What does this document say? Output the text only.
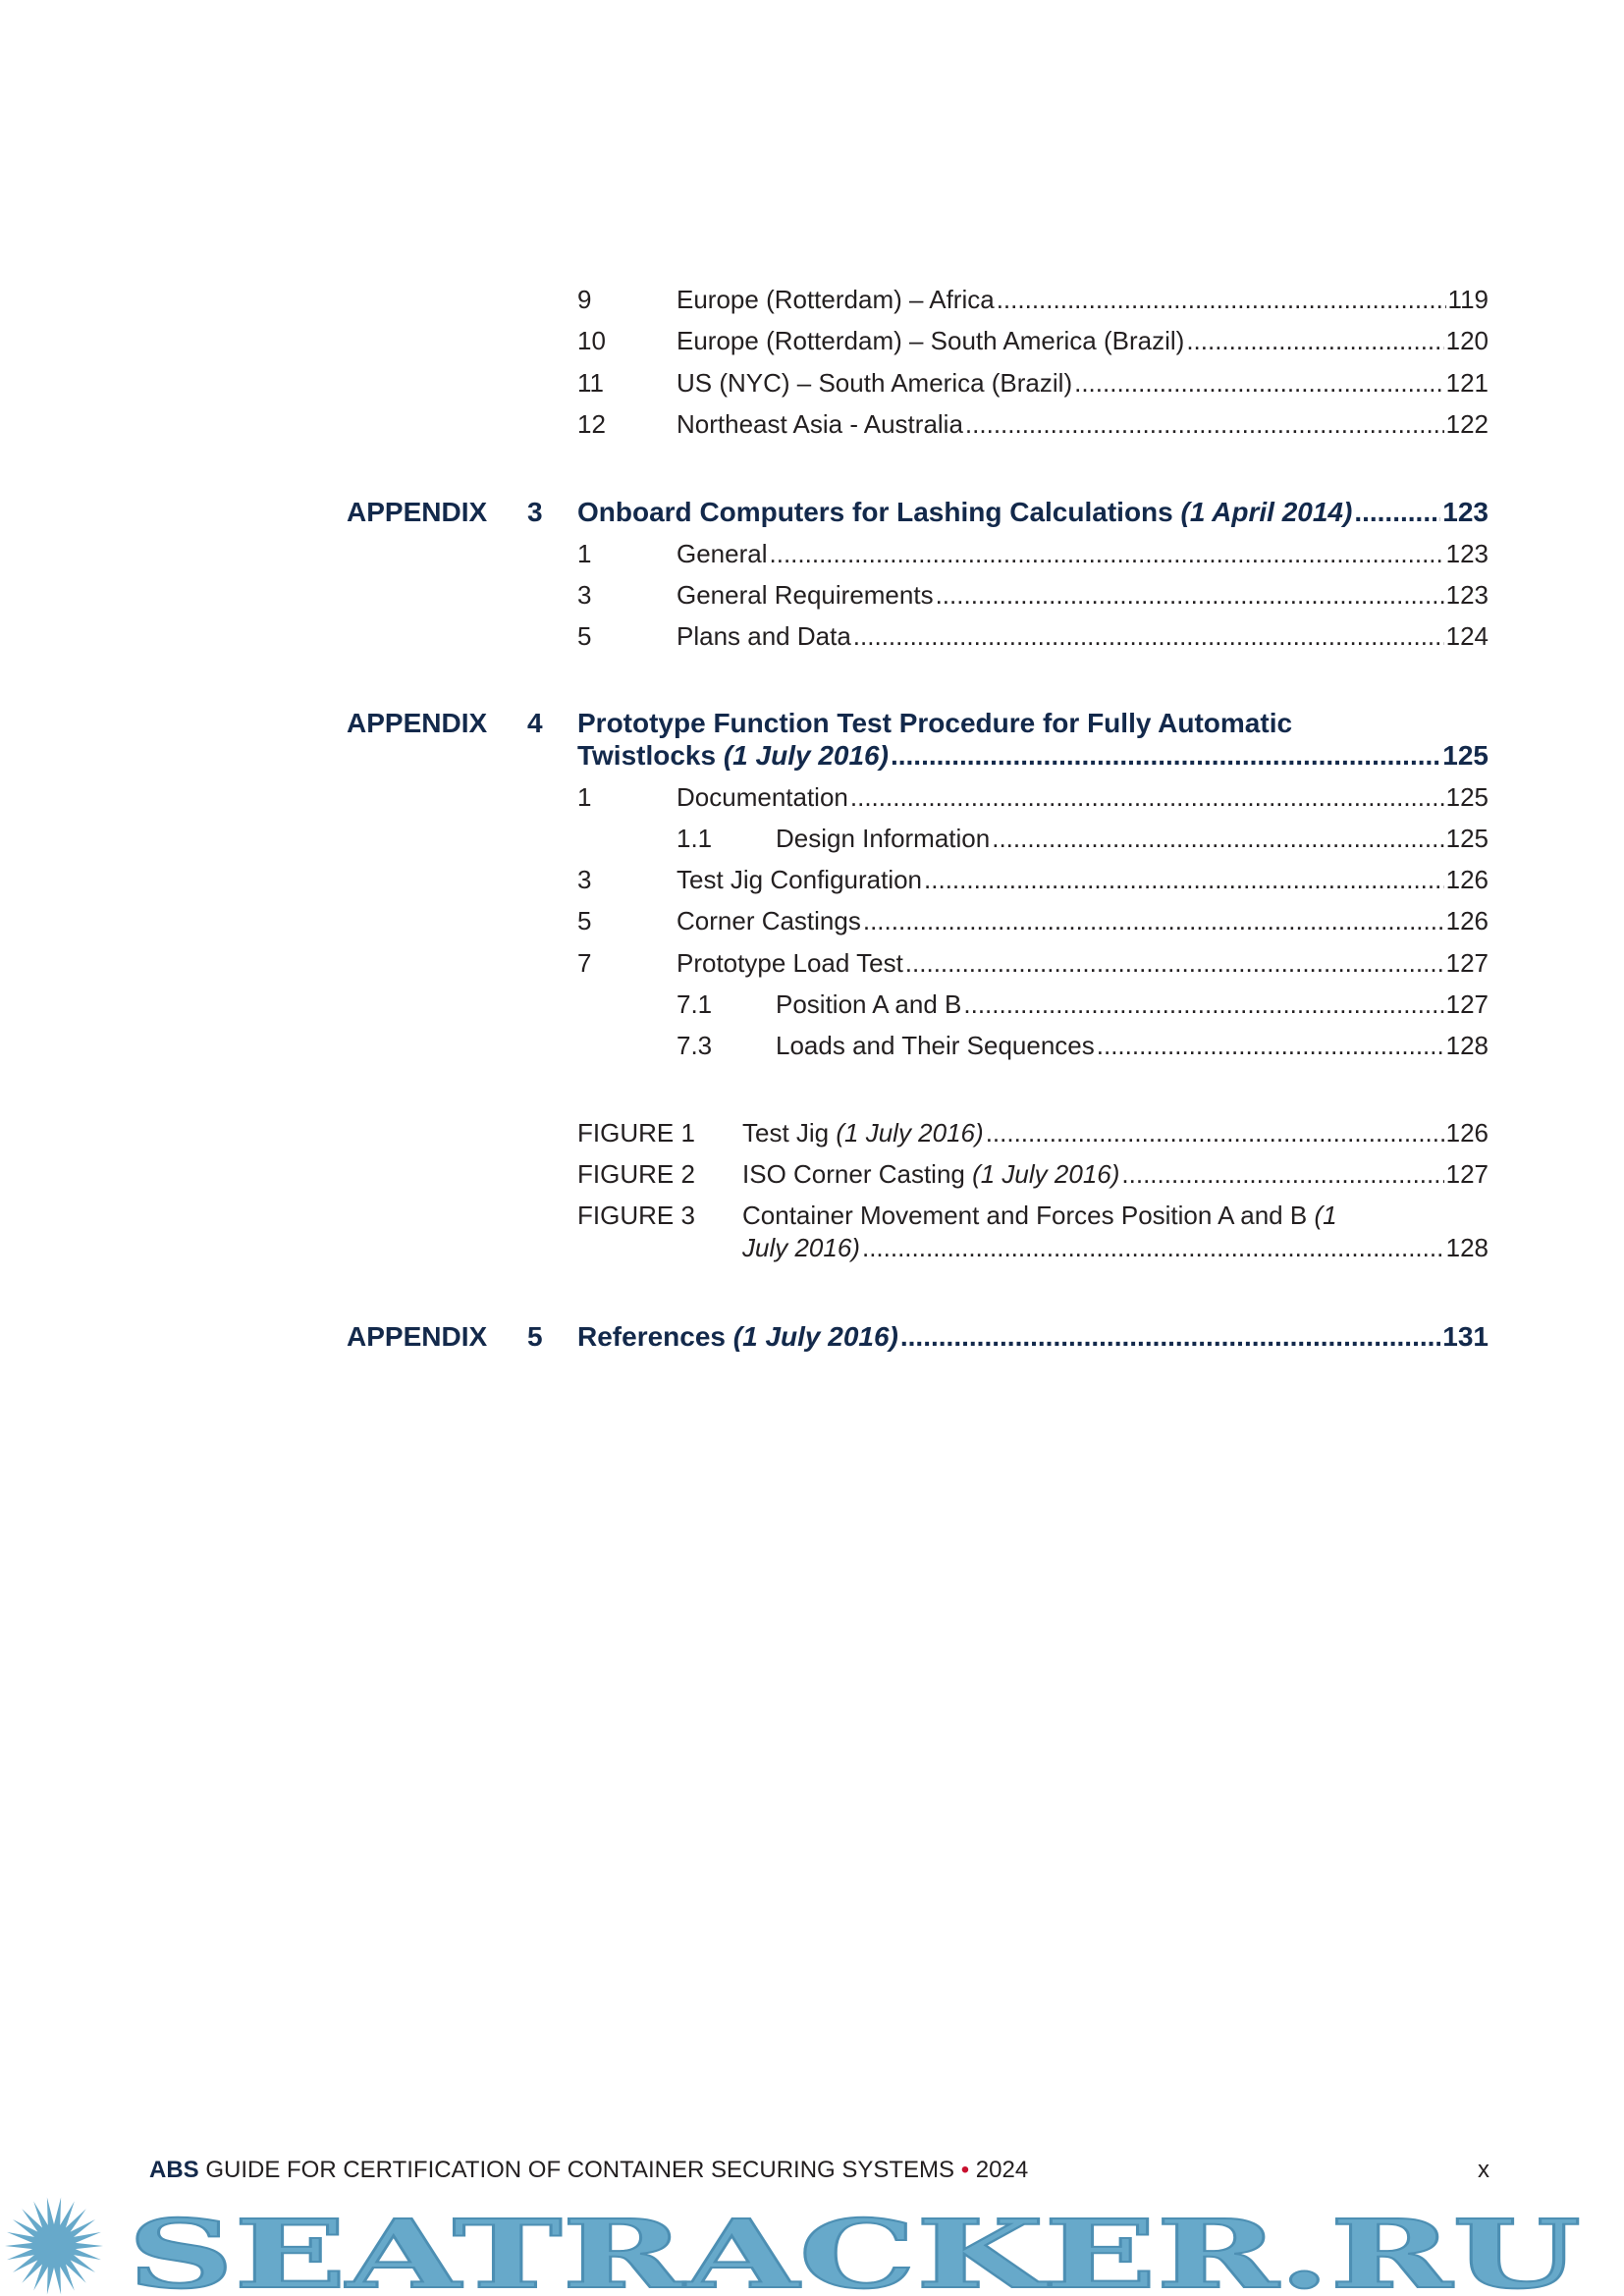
9	Europe (Rotterdam) – Africa .....	119
10	Europe (Rotterdam) – South America (Brazil) .....	120
11	US (NYC) – South America (Brazil) .....	121
12	Northeast Asia - Australia .....	122
APPENDIX 3 Onboard Computers for Lashing Calculations (1 April 2014) .....	123
1	General .....	123
3	General Requirements .....	123
5	Plans and Data .....	124
APPENDIX 4 Prototype Function Test Procedure for Fully Automatic
Twistlocks (1 July 2016) .....	125
1	Documentation .....	125
1.1	Design Information .....	125
3	Test Jig Configuration .....	126
5	Corner Castings .....	126
7	Prototype Load Test .....	127
7.1	Position A and B .....	127
7.3	Loads and Their Sequences .....	128
FIGURE 1 Test Jig (1 July 2016) .....	126
FIGURE 2 ISO Corner Casting (1 July 2016) .....	127
FIGURE 3 Container Movement and Forces Position A and B (1
July 2016) .....	128
APPENDIX 5 References (1 July 2016) .....	131
ABS GUIDE FOR CERTIFICATION OF CONTAINER SECURING SYSTEMS • 2024	x
SEATRACKER.RU
